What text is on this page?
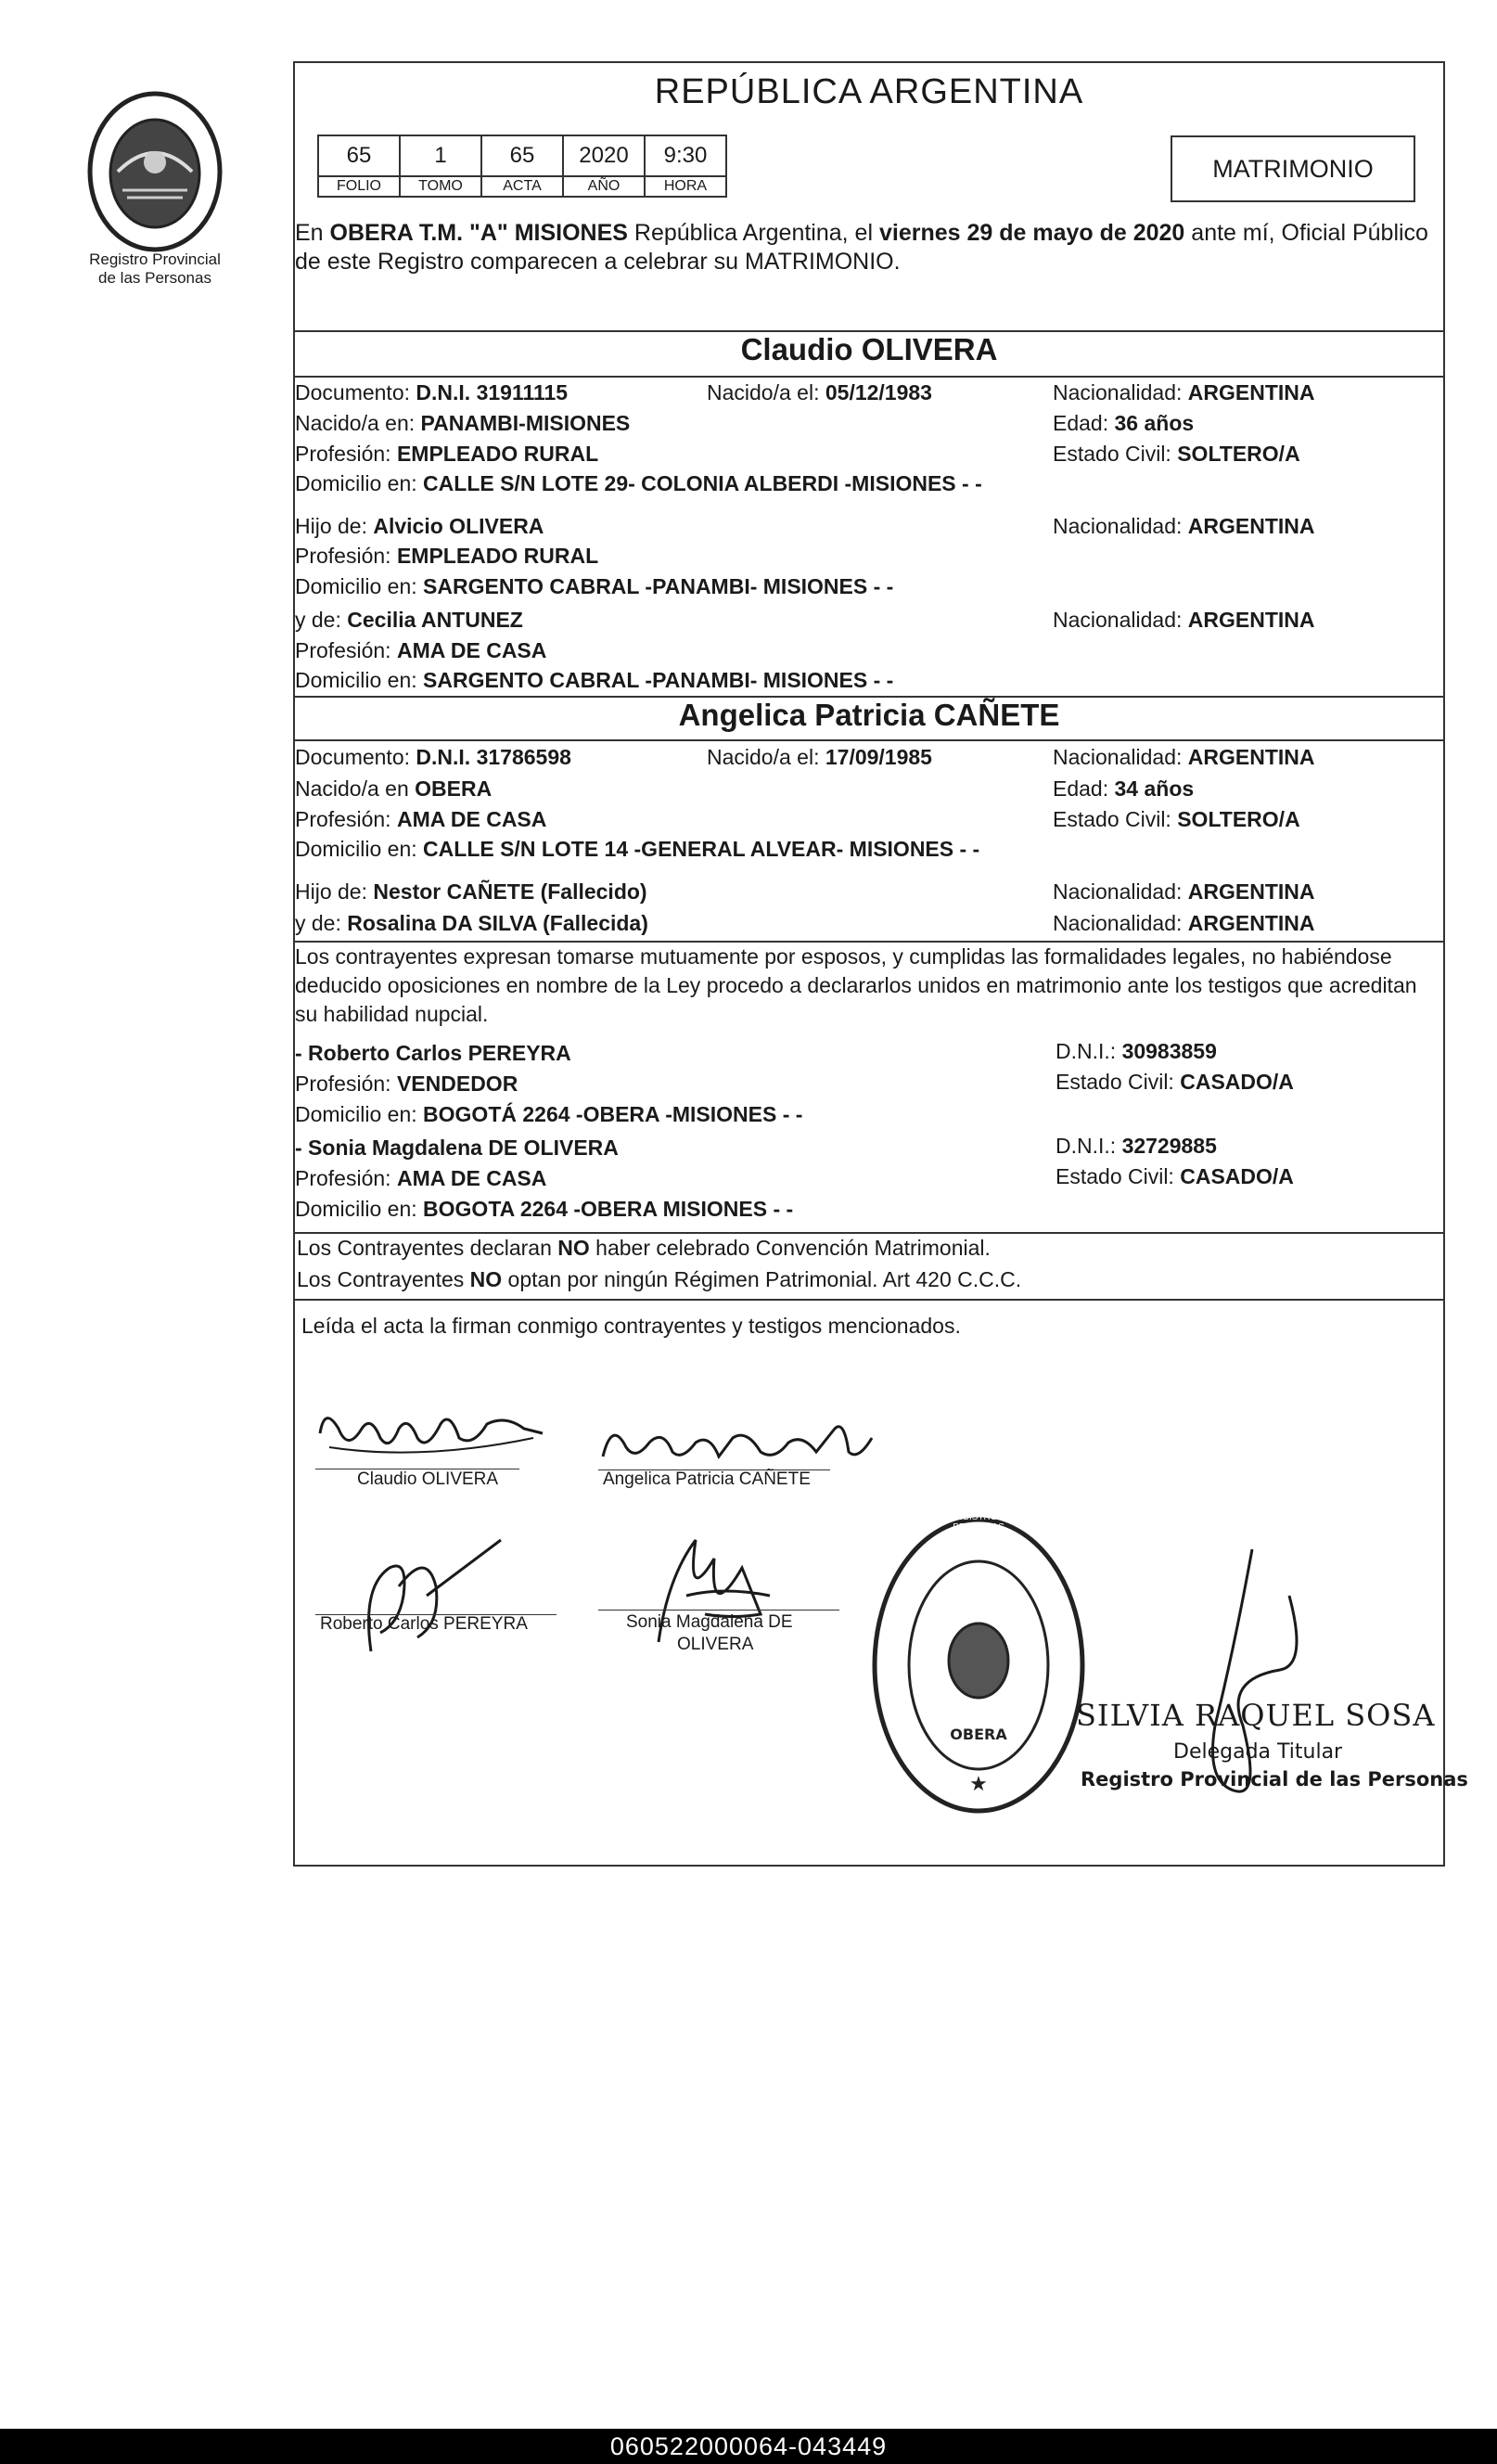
Registro Provincial
de las Personas
REPÚBLICA ARGENTINA
65	1	65	2020	9:30
FOLIO	TOMO	ACTA	AÑO	HORA
MATRIMONIO
En OBERA T.M. "A" MISIONES República Argentina, el viernes 29 de mayo de 2020 ante mí, Oficial Público de este Registro comparecen a celebrar su MATRIMONIO.
Claudio OLIVERA
Documento: D.N.I. 31911115	Nacido/a el: 05/12/1983	Nacionalidad: ARGENTINA
Nacido/a en: PANAMBI-MISIONES	Edad: 36 años
Profesión: EMPLEADO RURAL	Estado Civil: SOLTERO/A
Domicilio en: CALLE S/N LOTE 29- COLONIA ALBERDI -MISIONES - -
Hijo de: Alvicio OLIVERA	Nacionalidad: ARGENTINA
Profesión: EMPLEADO RURAL
Domicilio en: SARGENTO CABRAL -PANAMBI- MISIONES - -
y de: Cecilia ANTUNEZ	Nacionalidad: ARGENTINA
Profesión: AMA DE CASA
Domicilio en: SARGENTO CABRAL -PANAMBI- MISIONES - -
Angelica Patricia CAÑETE
Documento: D.N.I. 31786598	Nacido/a el: 17/09/1985	Nacionalidad: ARGENTINA
Nacido/a en OBERA	Edad: 34 años
Profesión: AMA DE CASA	Estado Civil: SOLTERO/A
Domicilio en: CALLE S/N LOTE 14 -GENERAL ALVEAR- MISIONES - -
Hijo de: Nestor CAÑETE (Fallecido)	Nacionalidad: ARGENTINA
y de: Rosalina DA SILVA (Fallecida)	Nacionalidad: ARGENTINA
Los contrayentes expresan tomarse mutuamente por esposos, y cumplidas las formalidades legales, no habiéndose deducido oposiciones en nombre de la Ley procedo a declararlos unidos en matrimonio ante los testigos que acreditan su habilidad nupcial.
- Roberto Carlos PEREYRA	D.N.I.: 30983859
Profesión: VENDEDOR	Estado Civil: CASADO/A
Domicilio en: BOGOTÁ 2264 -OBERA -MISIONES - -
- Sonia Magdalena DE OLIVERA	D.N.I.: 32729885
Profesión: AMA DE CASA	Estado Civil: CASADO/A
Domicilio en: BOGOTA 2264 -OBERA MISIONES - -
Los Contrayentes declaran NO haber celebrado Convención Matrimonial.
Los Contrayentes NO optan por ningún Régimen Patrimonial. Art 420 C.C.C.
Leída el acta la firman conmigo contrayentes y testigos mencionados.
Claudio OLIVERA	Angelica Patricia CAÑETE
Roberto Carlos PEREYRA	Sonia Magdalena DE
OLIVERA
OBERA
★
DELEGACIÓN DEL REGISTRO PROVINCIAL DE LAS PERSONAS
SILVIA RAQUEL SOSA
Delegada Titular
Registro Provincial de las Personas
060522000064-043449
